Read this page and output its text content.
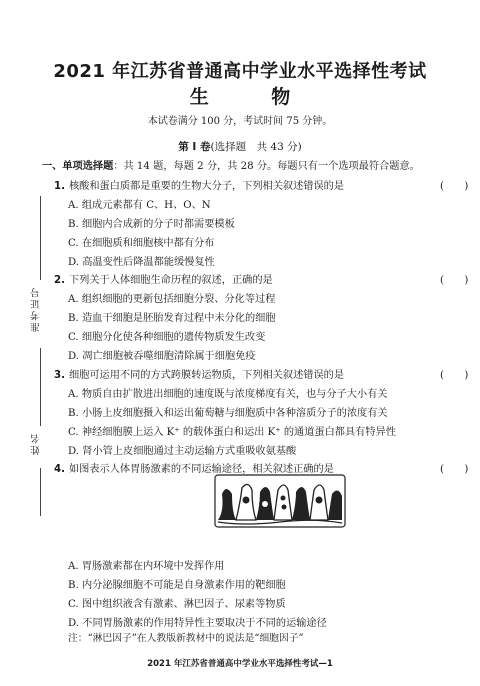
2021 年江苏省普通高中学业水平选择性考试
生 物
本试卷满分 100 分，考试时间 75 分钟。
第 Ⅰ 卷(选择题　共 43 分)
一、单项选择题：共 14 题，每题 2 分，共 28 分。每题只有一个选项最符合题意。
准考证号
姓名
1. 核酸和蛋白质都是重要的生物大分子，下列相关叙述错误的是	(　　)
A. 组成元素都有 C、H、O、N
B. 细胞内合成新的分子时都需要模板
C. 在细胞质和细胞核中都有分布
D. 高温变性后降温都能缓慢复性
2. 下列关于人体细胞生命历程的叙述，正确的是	(　　)
A. 组织细胞的更新包括细胞分裂、分化等过程
B. 造血干细胞是胚胎发育过程中未分化的细胞
C. 细胞分化使各种细胞的遗传物质发生改变
D. 凋亡细胞被吞噬细胞清除属于细胞免疫
3. 细胞可运用不同的方式跨膜转运物质，下列相关叙述错误的是	(　　)
A. 物质自由扩散进出细胞的速度既与浓度梯度有关，也与分子大小有关
B. 小肠上皮细胞摄入和运出葡萄糖与细胞质中各种溶质分子的浓度有关
C. 神经细胞膜上运入 K⁺ 的载体蛋白和运出 K⁺ 的通道蛋白都具有特异性
D. 肾小管上皮细胞通过主动运输方式重吸收氨基酸
4. 如图表示人体胃肠激素的不同运输途径，相关叙述正确的是	(　　)
A. 胃肠激素都在内环境中发挥作用
B. 内分泌腺细胞不可能是自身激素作用的靶细胞
C. 图中组织液含有激素、淋巴因子、尿素等物质
D. 不同胃肠激素的作用特异性主要取决于不同的运输途径
注：“淋巴因子”在人教版新教材中的说法是“细胞因子”
2021 年江苏省普通高中学业水平选择性考试—1
